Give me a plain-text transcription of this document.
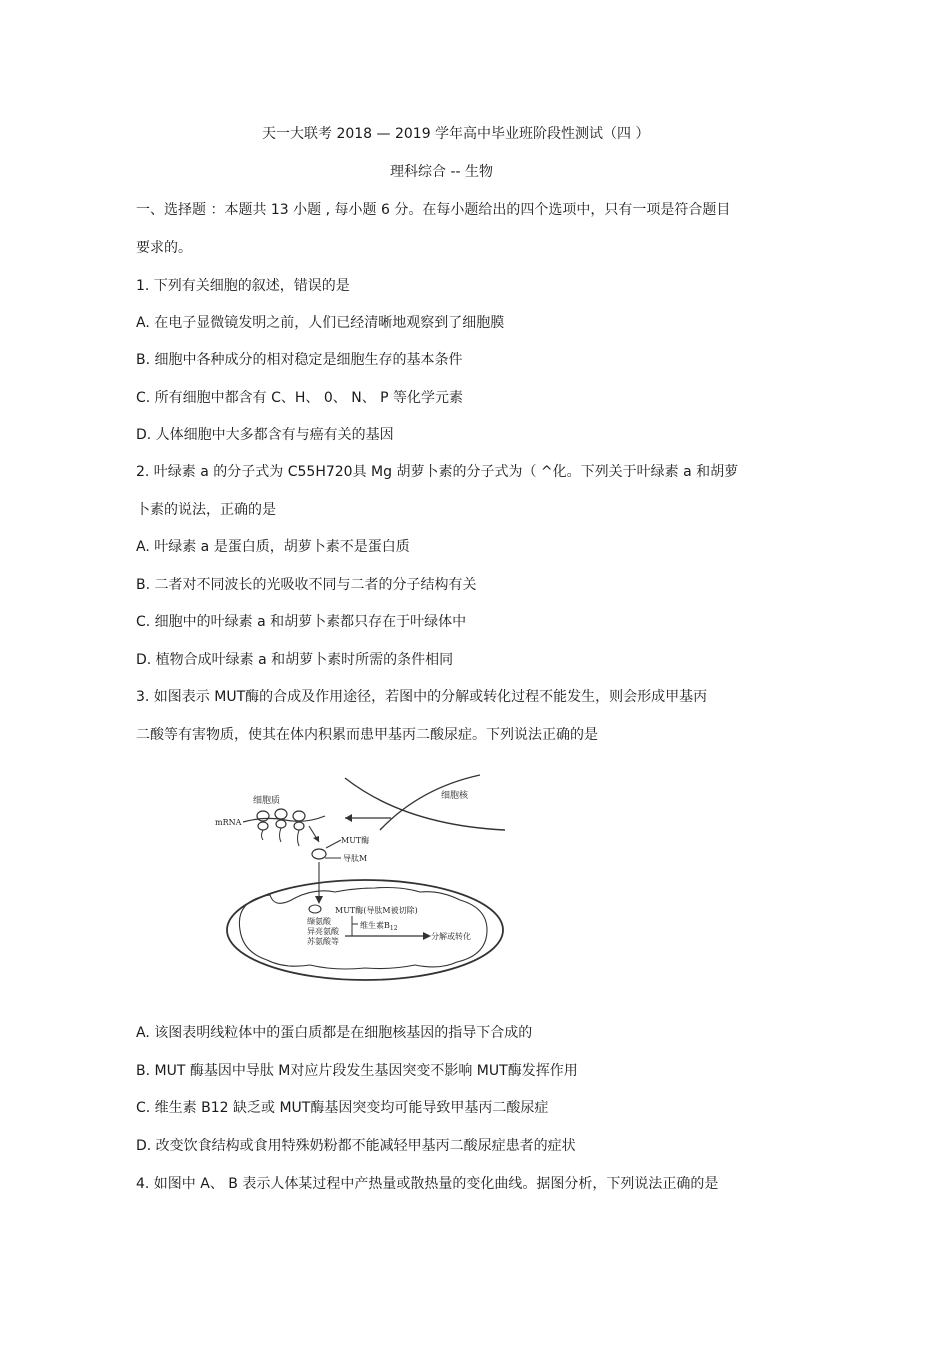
天一大联考 2018 — 2019 学年高中毕业班阶段性测试（四 ）
理科综合 -- 生物
一、选择题 ：本题共 13 小题 , 每小题 6 分。在每小题给出的四个选项中，只有一项是符合题目
要求的。
1. 下列有关细胞的叙述，错误的是
A. 在电子显微镜发明之前，人们已经清晰地观察到了细胞膜
B. 细胞中各种成分的相对稳定是细胞生存的基本条件
C. 所有细胞中都含有 C、H、 0、 N、 P 等化学元素
D. 人体细胞中大多都含有与癌有关的基因
2. 叶绿素 a 的分子式为 C55H720具 Mg 胡萝卜素的分子式为（ ^化。下列关于叶绿素 a 和胡萝
卜素的说法，正确的是
A. 叶绿素 a 是蛋白质，胡萝卜素不是蛋白质
B. 二者对不同波长的光吸收不同与二者的分子结构有关
C. 细胞中的叶绿素 a 和胡萝卜素都只存在于叶绿体中
D. 植物合成叶绿素 a 和胡萝卜素时所需的条件相同
3. 如图表示 MUT酶的合成及作用途径，若图中的分解或转化过程不能发生，则会形成甲基丙
二酸等有害物质，使其在体内积累而患甲基丙二酸尿症。下列说法正确的是
细胞核
细胞质
mRNA
MUT酶
导肽M
MUT酶(导肽M被切除)
缬氨酸
异亮氨酸
苏氨酸等
维生素$B_{12}$
分解或转化
A. 该图表明线粒体中的蛋白质都是在细胞核基因的指导下合成的
B. MUT 酶基因中导肽 M对应片段发生基因突变不影响 MUT酶发挥作用
C. 维生素 B12 缺乏或 MUT酶基因突变均可能导致甲基丙二酸尿症
D. 改变饮食结构或食用特殊奶粉都不能减轻甲基丙二酸尿症患者的症状
4. 如图中 A、 B 表示人体某过程中产热量或散热量的变化曲线。据图分析，下列说法正确的是
